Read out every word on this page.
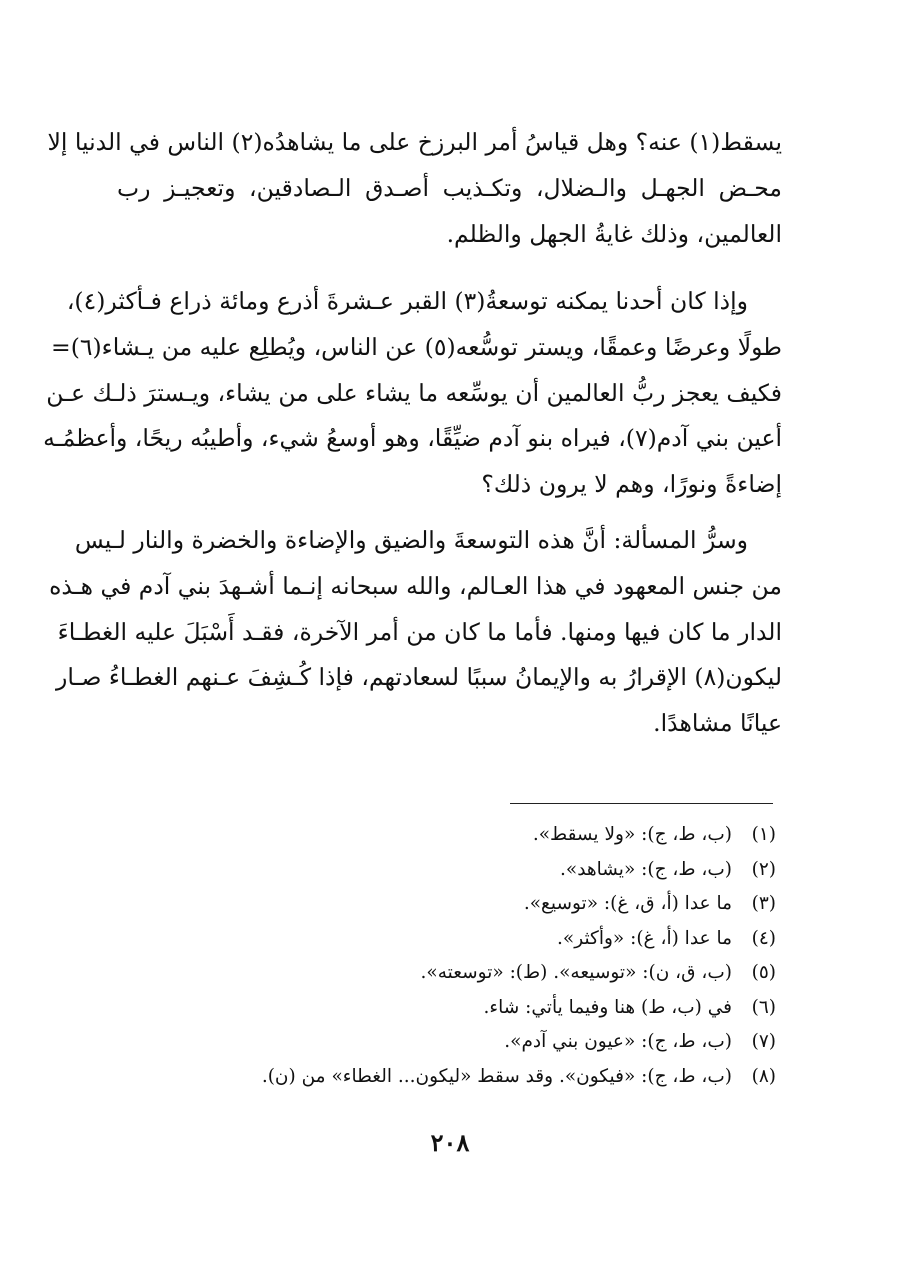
يسقط(١) عنه؟ وهل قياسُ أمر البرزخ على ما يشاهدُه(٢) الناس في الدنيا إلا
محـض الجهـل والـضلال، وتكـذيب أصـدق الـصادقين، وتعجيـز رب
العالمين، وذلك غايةُ الجهل والظلم.

وإذا كان أحدنا يمكنه توسعةُ(٣) القبر عـشرةَ أذرع ومائة ذراع فـأكثر(٤)،
طولًا وعرضًا وعمقًا، ويستر توسُّعه(٥) عن الناس، ويُطلِع عليه من يـشاء(٦)=
فكيف يعجز ربُّ العالمين أن يوسِّعه ما يشاء على من يشاء، ويـسترَ ذلـك عـن
أعين بني آدم(٧)، فيراه بنو آدم ضيِّقًا، وهو أوسعُ شيء، وأطيبُه ريحًا، وأعظمُـه
إضاءةً ونورًا، وهم لا يرون ذلك؟

وسرُّ المسألة: أنَّ هذه التوسعةَ والضيق والإضاءة والخضرة والنار لـيس
من جنس المعهود في هذا العـالم، والله سبحانه إنـما أشـهدَ بني آدم في هـذه
الدار ما كان فيها ومنها. فأما ما كان من أمر الآخرة، فقـد أَسْبَلَ عليه الغطـاءَ
ليكون(٨) الإقرارُ به والإيمانُ سببًا لسعادتهم، فإذا كُـشِفَ عـنهم الغطـاءُ صـار
عيانًا مشاهدًا.

(١)(ب، ط، ج): «ولا يسقط».
(٢)(ب، ط، ج): «يشاهد».
(٣)ما عدا (أ، ق، غ): «توسيع».
(٤)ما عدا (أ، غ): «وأكثر».
(٥)(ب، ق، ن): «توسيعه». (ط): «توسعته».
(٦)في (ب، ط) هنا وفيما يأتي: شاء.
(٧)(ب، ط، ج): «عيون بني آدم».
(٨)(ب، ط، ج): «فيكون». وقد سقط «ليكون... الغطاء» من (ن).
٢٠٨
